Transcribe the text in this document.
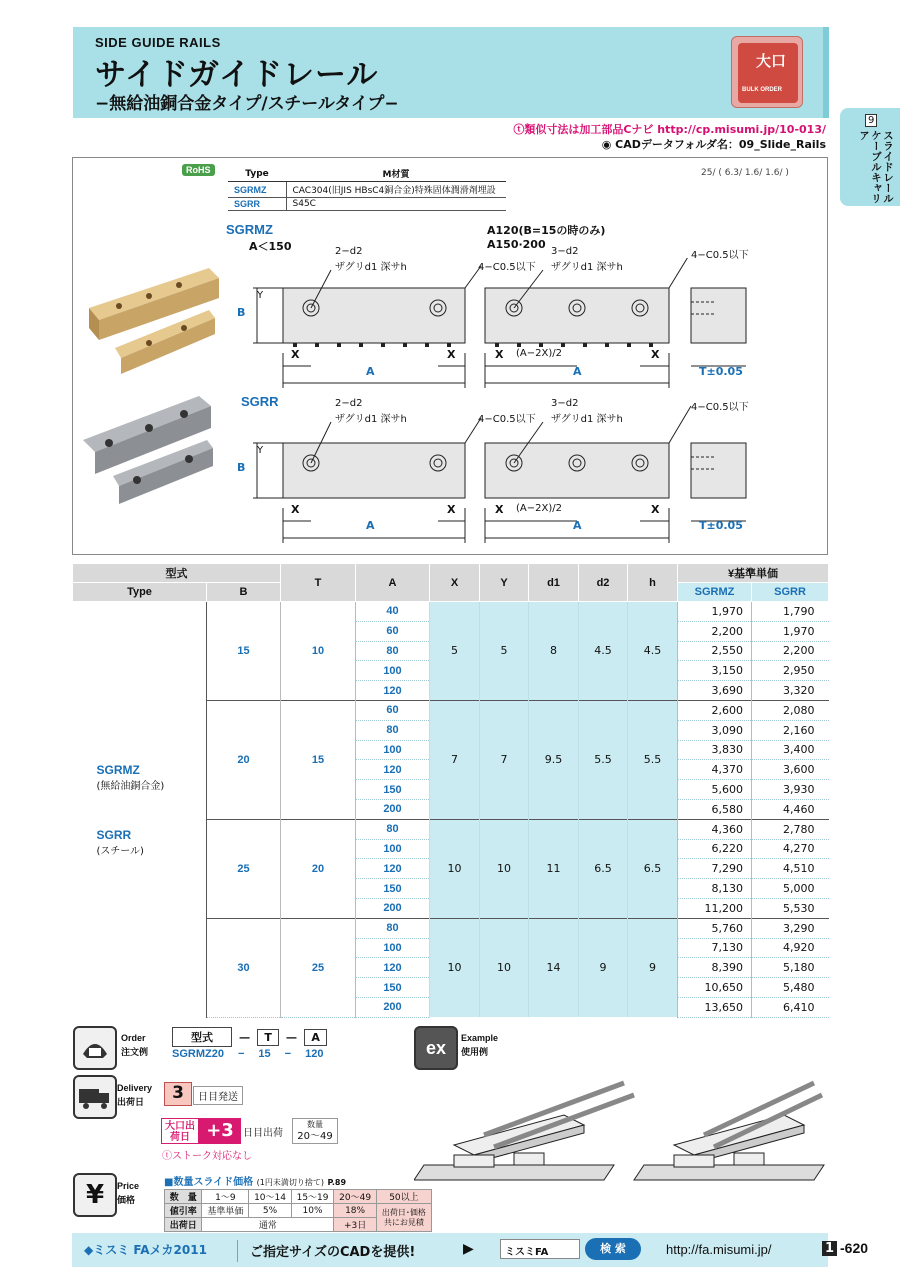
SIDE GUIDE RAILS
サイドガイドレール
−無給油銅合金タイプ/スチールタイプ−
大口
BULK ORDER
9
スライドレール ケーブルキャリア
ⓣ類似寸法は加工部品Cナビ http://cp.misumi.jp/10-013/
◉ CADデータフォルダ名：09_Slide_Rails
RoHS	Type	M材質
SGRMZ	CAC304(旧JIS HBsC4銅合金)特殊固体潤滑剤埋設
SGRR	S45C
25/ ( 6.3/ 1.6/ 1.6/ )
SGRMZ
A＜150
A120(B=15の時のみ)
A150·200
SGRR
2−d2
ザグリd1 深サh	4−C0.5以下
3−d2
ザグリd1 深サh
4−C0.5以下
2−d2
ザグリd1 深サh	4−C0.5以下
3−d2
ザグリd1 深サh
4−C0.5以下
B
Y
X	X
A
X (A−2X)/2	X
A	T±0.05
B
Y
X	X
A
X (A−2X)/2	X
A	T±0.05
型式		T	A	X	Y	d1	d2	h	¥基準単価	
Type	B								SGRMZ	SGRR

SGRMZ
(無給油銅合金)
SGRR
(スチール)	15	10	40	5	5	8	4.5	4.5	1,970	1,790
			60						2,200	1,970
			80						2,550	2,200
			100						3,150	2,950
			120						3,690	3,320
	20	15	60	7	7	9.5	5.5	5.5	2,600	2,080
			80						3,090	2,160
			100						3,830	3,400
			120						4,370	3,600
			150						5,600	3,930
			200						6,580	4,460
	25	20	80	10	10	11	6.5	6.5	4,360	2,780
			100						6,220	4,270
			120						7,290	4,510
			150						8,130	5,000
			200						11,200	5,530
	30	25	80	10	10	14	9	9	5,760	3,290
			100						7,130	4,920
			120						8,390	5,180
			150						10,650	5,480
			200						13,650	6,410
Order
注文例
型式	−	T −	A
SGRMZ20 − 15 − 120	ex	Example
使用例
Delivery
出荷日	3	日目発送
大口出荷日 +3 日目出荷
数量
20〜49
ⓣストーク対応なし
¥	Price
価格
■数量スライド価格 (1円未満切り捨て) P.89
数　量	1〜9	10〜14	15〜19	20〜49	50以上
値引率	基準単価	5%	10%	18%	出荷日･価格
共にお見積

出荷日	通常			+3日	
◆ミスミ FAメカ2011	ご指定サイズのCADを提供!	▶	ミスミFA	検 索	http://fa.misumi.jp/	1 -620
